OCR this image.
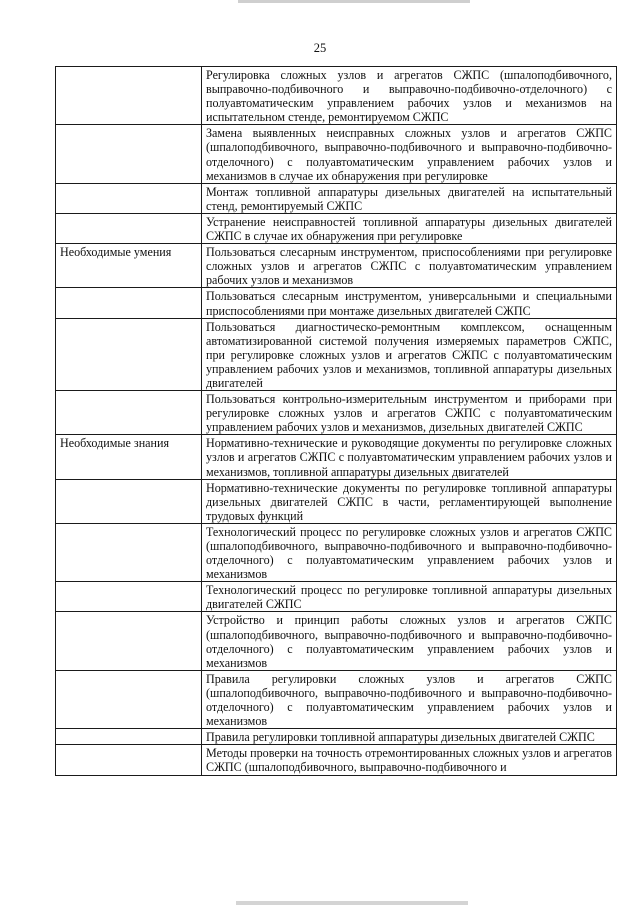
25
	Регулировка сложных узлов и агрегатов СЖПС (шпалоподбивочного, выправочно-подбивочного и выправочно-подбивочно-отделочного) с полуавтоматическим управлением рабочих узлов и механизмов на испытательном стенде, ремонтируемом СЖПС
	Замена выявленных неисправных сложных узлов и агрегатов СЖПС (шпалоподбивочного, выправочно-подбивочного и выправочно-подбивочно-отделочного) с полуавтоматическим управлением рабочих узлов и механизмов в случае их обнаружения при регулировке
	Монтаж топливной аппаратуры дизельных двигателей на испытательный стенд, ремонтируемый СЖПС
	Устранение неисправностей топливной аппаратуры дизельных двигателей СЖПС в случае их обнаружения при регулировке
Необходимые умения	Пользоваться слесарным инструментом, приспособлениями при регулировке сложных узлов и агрегатов СЖПС с полуавтоматическим управлением рабочих узлов и механизмов
	Пользоваться слесарным инструментом, универсальными и специальными приспособлениями при монтаже дизельных двигателей СЖПС
	Пользоваться диагностическо-ремонтным комплексом, оснащенным автоматизированной системой получения измеряемых параметров СЖПС, при регулировке сложных узлов и агрегатов СЖПС с полуавтоматическим управлением рабочих узлов и механизмов, топливной аппаратуры дизельных двигателей
	Пользоваться контрольно-измерительным инструментом и приборами при регулировке сложных узлов и агрегатов СЖПС с полуавтоматическим управлением рабочих узлов и механизмов, дизельных двигателей СЖПС
Необходимые знания	Нормативно-технические и руководящие документы по регулировке сложных узлов и агрегатов СЖПС с полуавтоматическим управлением рабочих узлов и механизмов, топливной аппаратуры дизельных двигателей
	Нормативно-технические документы по регулировке топливной аппаратуры дизельных двигателей СЖПС в части, регламентирующей выполнение трудовых функций
	Технологический процесс по регулировке сложных узлов и агрегатов СЖПС (шпалоподбивочного, выправочно-подбивочного и выправочно-подбивочно-отделочного) с полуавтоматическим управлением рабочих узлов и механизмов
	Технологический процесс по регулировке топливной аппаратуры дизельных двигателей СЖПС
	Устройство и принцип работы сложных узлов и агрегатов СЖПС (шпалоподбивочного, выправочно-подбивочного и выправочно-подбивочно-отделочного) с полуавтоматическим управлением рабочих узлов и механизмов
	Правила регулировки сложных узлов и агрегатов СЖПС (шпалоподбивочного, выправочно-подбивочного и выправочно-подбивочно-отделочного) с полуавтоматическим управлением рабочих узлов и механизмов
	Правила регулировки топливной аппаратуры дизельных двигателей СЖПС
	Методы проверки на точность отремонтированных сложных узлов и агрегатов СЖПС (шпалоподбивочного, выправочно-подбивочного и
